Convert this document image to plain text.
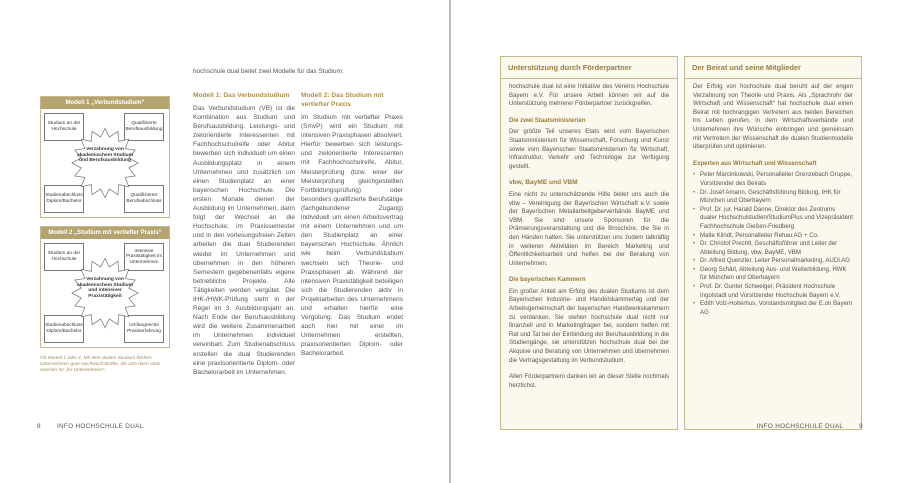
hochschule dual bietet zwei Modelle für das Studium:
Modell 1 „Verbundstudium“
Studium an der Hochschule
Qualifizierte Berufsausbildung
Studienabschluss Diplom/Bachelor
Qualifizierter Berufsabschluss
Verzahnung von akademischem Studium und Berufsausbildung
Modell 2 „Studium mit vertiefter Praxis“
Studium an der Hochschule
Intensive Praxistätigkeit im Unternehmen
Studienabschluss Diplom/Bachelor
Umfangreiche Praxiserfahrung
Verzahnung von akademischem Studium und intensiver Praxistätigkeit
Ob Modell 1 oder 2: Mit dem dualen Studium fördern Unternehmen gute Nachwuchskräfte, die sich dann stets machen für „ihr Unternehmen“.
Modell 1: Das Verbundstudium

Das Verbundstudium (VB) ist die Kombination aus Studium und Berufsausbildung. Leistungs- und zielorientierte Interessenten mit Fachhochschulreife oder Abitur bewerben sich individuell um einen Ausbildungsplatz in einem Unternehmen und zusätzlich um einen Studienplatz an einer bayerischen Hochschule. Die ersten Monate dienen der Ausbildung im Unternehmen, dann folgt der Wechsel an die Hochschule; im Praxissemester und in den vorlesungsfreien Zeiten arbeiten die dual Studierenden wieder im Unternehmen und übernehmen in den höheren Semestern gegebenenfalls eigene betriebliche Projekte. Alle Tätigkeiten werden vergütet. Die IHK-/HWK-Prüfung steht in der Regel im 3. Ausbildungsjahr an. Nach Ende der Berufsausbildung wird die weitere Zusammenarbeit im Unternehmen individuell vereinbart. Zum Studienabschluss erstellen die dual Studierenden eine praxisorientierte Diplom- oder Bachelorarbeit im Unternehmen.

Modell 2: Das Studium mit vertiefter Praxis

Im Studium mit vertiefter Praxis (SmvP) wird ein Studium mit intensiven Praxisphasen absolviert. Hierfür bewerben sich leistungs- und zielorientierte Interessenten mit Fachhochschulreife, Abitur, Meisterprüfung (bzw. einer der Meisterprüfung gleichgestellten Fortbildungsprüfung) oder besonders qualifizierte Berufstätige (fachgebundener Zugang) individuell um einen Arbeitsvertrag mit einem Unternehmen und um den Studienplatz an einer bayerischen Hochschule. Ähnlich wie beim Verbundstudium wechseln sich Theorie- und Praxisphasen ab. Während der intensiven Praxistätigkeit beteiligen sich die Studierenden aktiv in Projektarbeiten des Unternehmens und erhalten hierfür eine Vergütung. Das Studium endet auch hier mit einer im Unternehmen erstellten, praxisorientierten Diplom- oder Bachelorarbeit.

8	INFO HOCHSCHULE DUAL
Unterstützung durch Förderpartner

hochschule dual ist eine Initiative des Vereins Hochschule Bayern e.V. Für unsere Arbeit können wir auf die Unterstützung mehrerer Förderpartner zurückgreifen.

Die zwei Staatsministerien

Der größte Teil unseres Etats wird vom Bayerischen Staatsministerium für Wissenschaft, Forschung und Kunst sowie vom Bayerischen Staatsministerium für Wirtschaft, Infrastruktur, Verkehr und Technologie zur Verfügung gestellt.

vbw, BayME und VBM

Eine nicht zu unterschätzende Hilfe bietet uns auch die vbw – Vereinigung der Bayerischen Wirtschaft e.V. sowie der Bayerischen Metallarbeitgeberverbände BayME und VBM. Sie sind unsere Sponsoren für die Prämierungsveranstaltung und die Broschüre, die Sie in den Händen halten. Sie unterstützen uns zudem tatkräftig in weiteren Aktivitäten im Bereich Marketing und Öffentlichkeitsarbeit und helfen bei der Beratung von Unternehmen.

Die bayerischen Kammern

Ein großer Anteil am Erfolg des dualen Studiums ist dem Bayerischen Industrie- und Handelskammertag und der Arbeitsgemeinschaft der bayerischen Handwerkskammern zu verdanken. Sie stehen hochschule dual nicht nur finanziell und in Marketingfragen bei, sondern helfen mit Rat und Tat bei der Einbindung der Berufsausbildung in die Studiengänge, sie unterstützen hochschule dual bei der Akquise und Beratung von Unternehmen und übernehmen die Vertragsgestaltung im Verbundstudium.

Allen Förderpartnern danken wir an dieser Stelle nochmals herzlichst.

Der Beirat und seine Mitglieder

Der Erfolg von hochschule dual beruht auf der engen Verzahnung von Theorie und Praxis. Als „Sprachrohr der Wirtschaft und Wissenschaft“ hat hochschule dual einen Beirat mit hochrangigen Vertretern aus beiden Bereichen ins Leben gerufen, in dem Wirtschaftsverbände und Unternehmen ihre Wünsche einbringen und gemeinsam mit Vertretern der Wissenschaft die dualen Studienmodelle überprüfen und optimieren.

Experten aus Wirtschaft und Wissenschaft
• Peter Marcinkowski, Personalleiter Grenzebach Gruppe, Vorsitzender des Beirats
• Dr. Josef Amann, Geschäftsführung Bildung, IHK für München und Oberbayern
• Prof. Dr. jur. Harald Danne, Direktor des Zentrums dualer Hochschulstudien/StudiumPlus und Vizepräsident Fachhochschule Gießen-Friedberg
• Malte Klindt, Personalleiter Rehau AG + Co.
• Dr. Christof Prechtl, Geschäftsführer und Leiter der Abteilung Bildung, vbw, BayME, VBM
• Dr. Alfred Quenzler, Leiter Personalmarketing, AUDI AG
• Georg Schärl, Abteilung Aus- und Weiterbildung, HWK für München und Oberbayern
• Prof. Dr. Gunter Schweiger, Präsident Hochschule Ingolstadt und Vorsitzender Hochschule Bayern e.V.
• Edith Volz-Holterhus, Vorstandsmitglied der E.on Bayern AG
INFO HOCHSCHULE DUAL	9
